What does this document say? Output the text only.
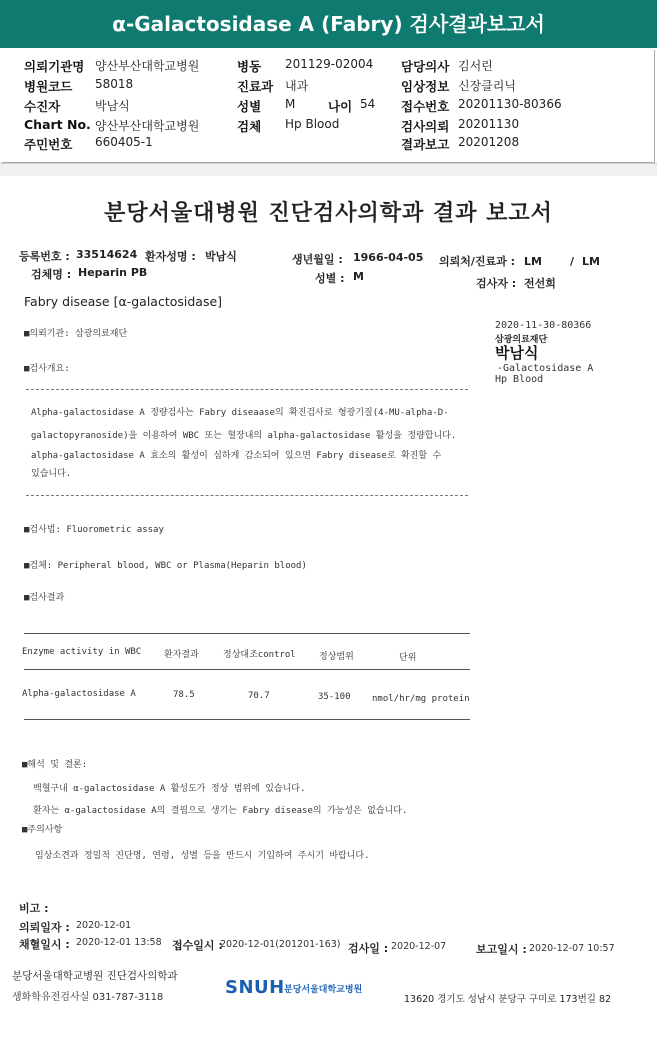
α-Galactosidase A (Fabry) 검사결과보고서
의뢰기관명 양산부산대학교병원
병원코드 58018
수진자	박남식
Chart No. 양산부산대학교병원
주민번호 660405-1
병동 201129-02004
진료과 내과
성별 M	나이 54
검체 Hp Blood
담당의사 김서린
임상정보 신장클리닉
접수번호 20201130-80366
검사의뢰 20201130
결과보고 20201208
분당서울대병원 진단검사의학과 결과 보고서
등록번호 : 33514624 환자성명 : 박남식	생년월일 : 1966-04-05 의뢰처/진료과 : LM	/ LM
검체명 : Heparin PB	성별 : M
검사자 : 전선희
Fabry disease [α-galactosidase]
2020-11-30-80366
삼광의료재단
박남식
-Galactosidase A
Hp Blood
■의뢰기관: 삼광의료재단
■검사개요:
Alpha-galactosidase A 정량검사는 Fabry diseaase의 확진검사로 형광기질(4-MU-alpha-D-
galactopyranoside)을 이용하여 WBC 또는 혈장내의 alpha-galactosidase 활성을 정량합니다.
alpha-galactosidase A 효소의 활성이 심하게 감소되어 있으면 Fabry disease로 확진할 수
있습니다.
■검사법: Fluorometric assay
■검체: Peripheral blood, WBC or Plasma(Heparin blood)
■검사결과
Enzyme activity in WBC	환자결과	정상대조control	정상범위	단위
Alpha-galactosidase A	78.5	70.7	35-100 nmol/hr/mg protein
■해석 및 결론:
백혈구내 α-galactosidase A 활성도가 정상 범위에 있습니다.
환자는 α-galactosidase A의 결핍으로 생기는 Fabry disease의 가능성은 없습니다.
■주의사항
임상소견과 정밀적 진단명, 연령, 성별 등을 반드시 기입하여 주시기 바랍니다.
비고 :
의뢰일자 : 2020-12-01
채혈일시 : 2020-12-01 13:58 접수일시 :
2020-12-01(201201-163) 검사일 : 2020-12-07	보고일시 : 2020-12-07 10:57
분당서울대학교병원 진단검사의학과
생화학유전검사실 031-787-3118	SNUH 분당서울대학교병원
13620 경기도 성남시 분당구 구미로 173번길 82
